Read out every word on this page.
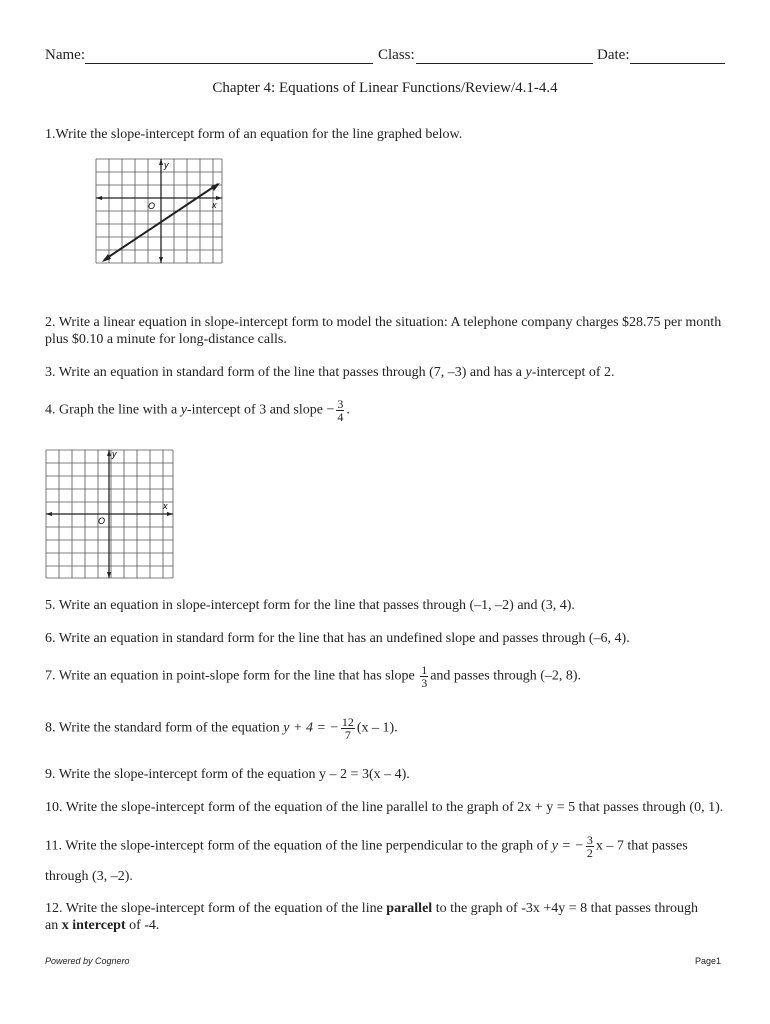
Name:	Class:	Date:
Chapter 4: Equations of Linear Functions/Review/4.1-4.4
1.Write the slope-intercept form of an equation for the line graphed below.
y
x
O
2. Write a linear equation in slope-intercept form to model the situation: A telephone company charges $28.75 per month plus $0.10 a minute for long-distance calls.
3. Write an equation in standard form of the line that passes through (7, –3) and has a y-intercept of 2.
4. Graph the line with a y-intercept of 3 and slope − $\frac{3}{4}$ .
y
x
O
5. Write an equation in slope-intercept form for the line that passes through (–1, –2) and (3, 4).
6. Write an equation in standard form for the line that has an undefined slope and passes through (–6, 4).
7. Write an equation in point-slope form for the line that has slope $\frac{1}{3}$ and passes through (–2, 8).
8. Write the standard form of the equation y + 4 = − $\frac{12}{7} (x - 1)$.
9. Write the slope-intercept form of the equation y – 2 = 3(x – 4).
10. Write the slope-intercept form of the equation of the line parallel to the graph of 2x + y = 5 that passes through (0, 1).
11. Write the slope-intercept form of the equation of the line perpendicular to the graph of y = − $\frac{3}{2}$ x – 7 that passes
through (3, –2).
12. Write the slope-intercept form of the equation of the line parallel to the graph of -3x +4y = 8 that passes through
an x intercept of -4.
Powered by Cognero	Page1
